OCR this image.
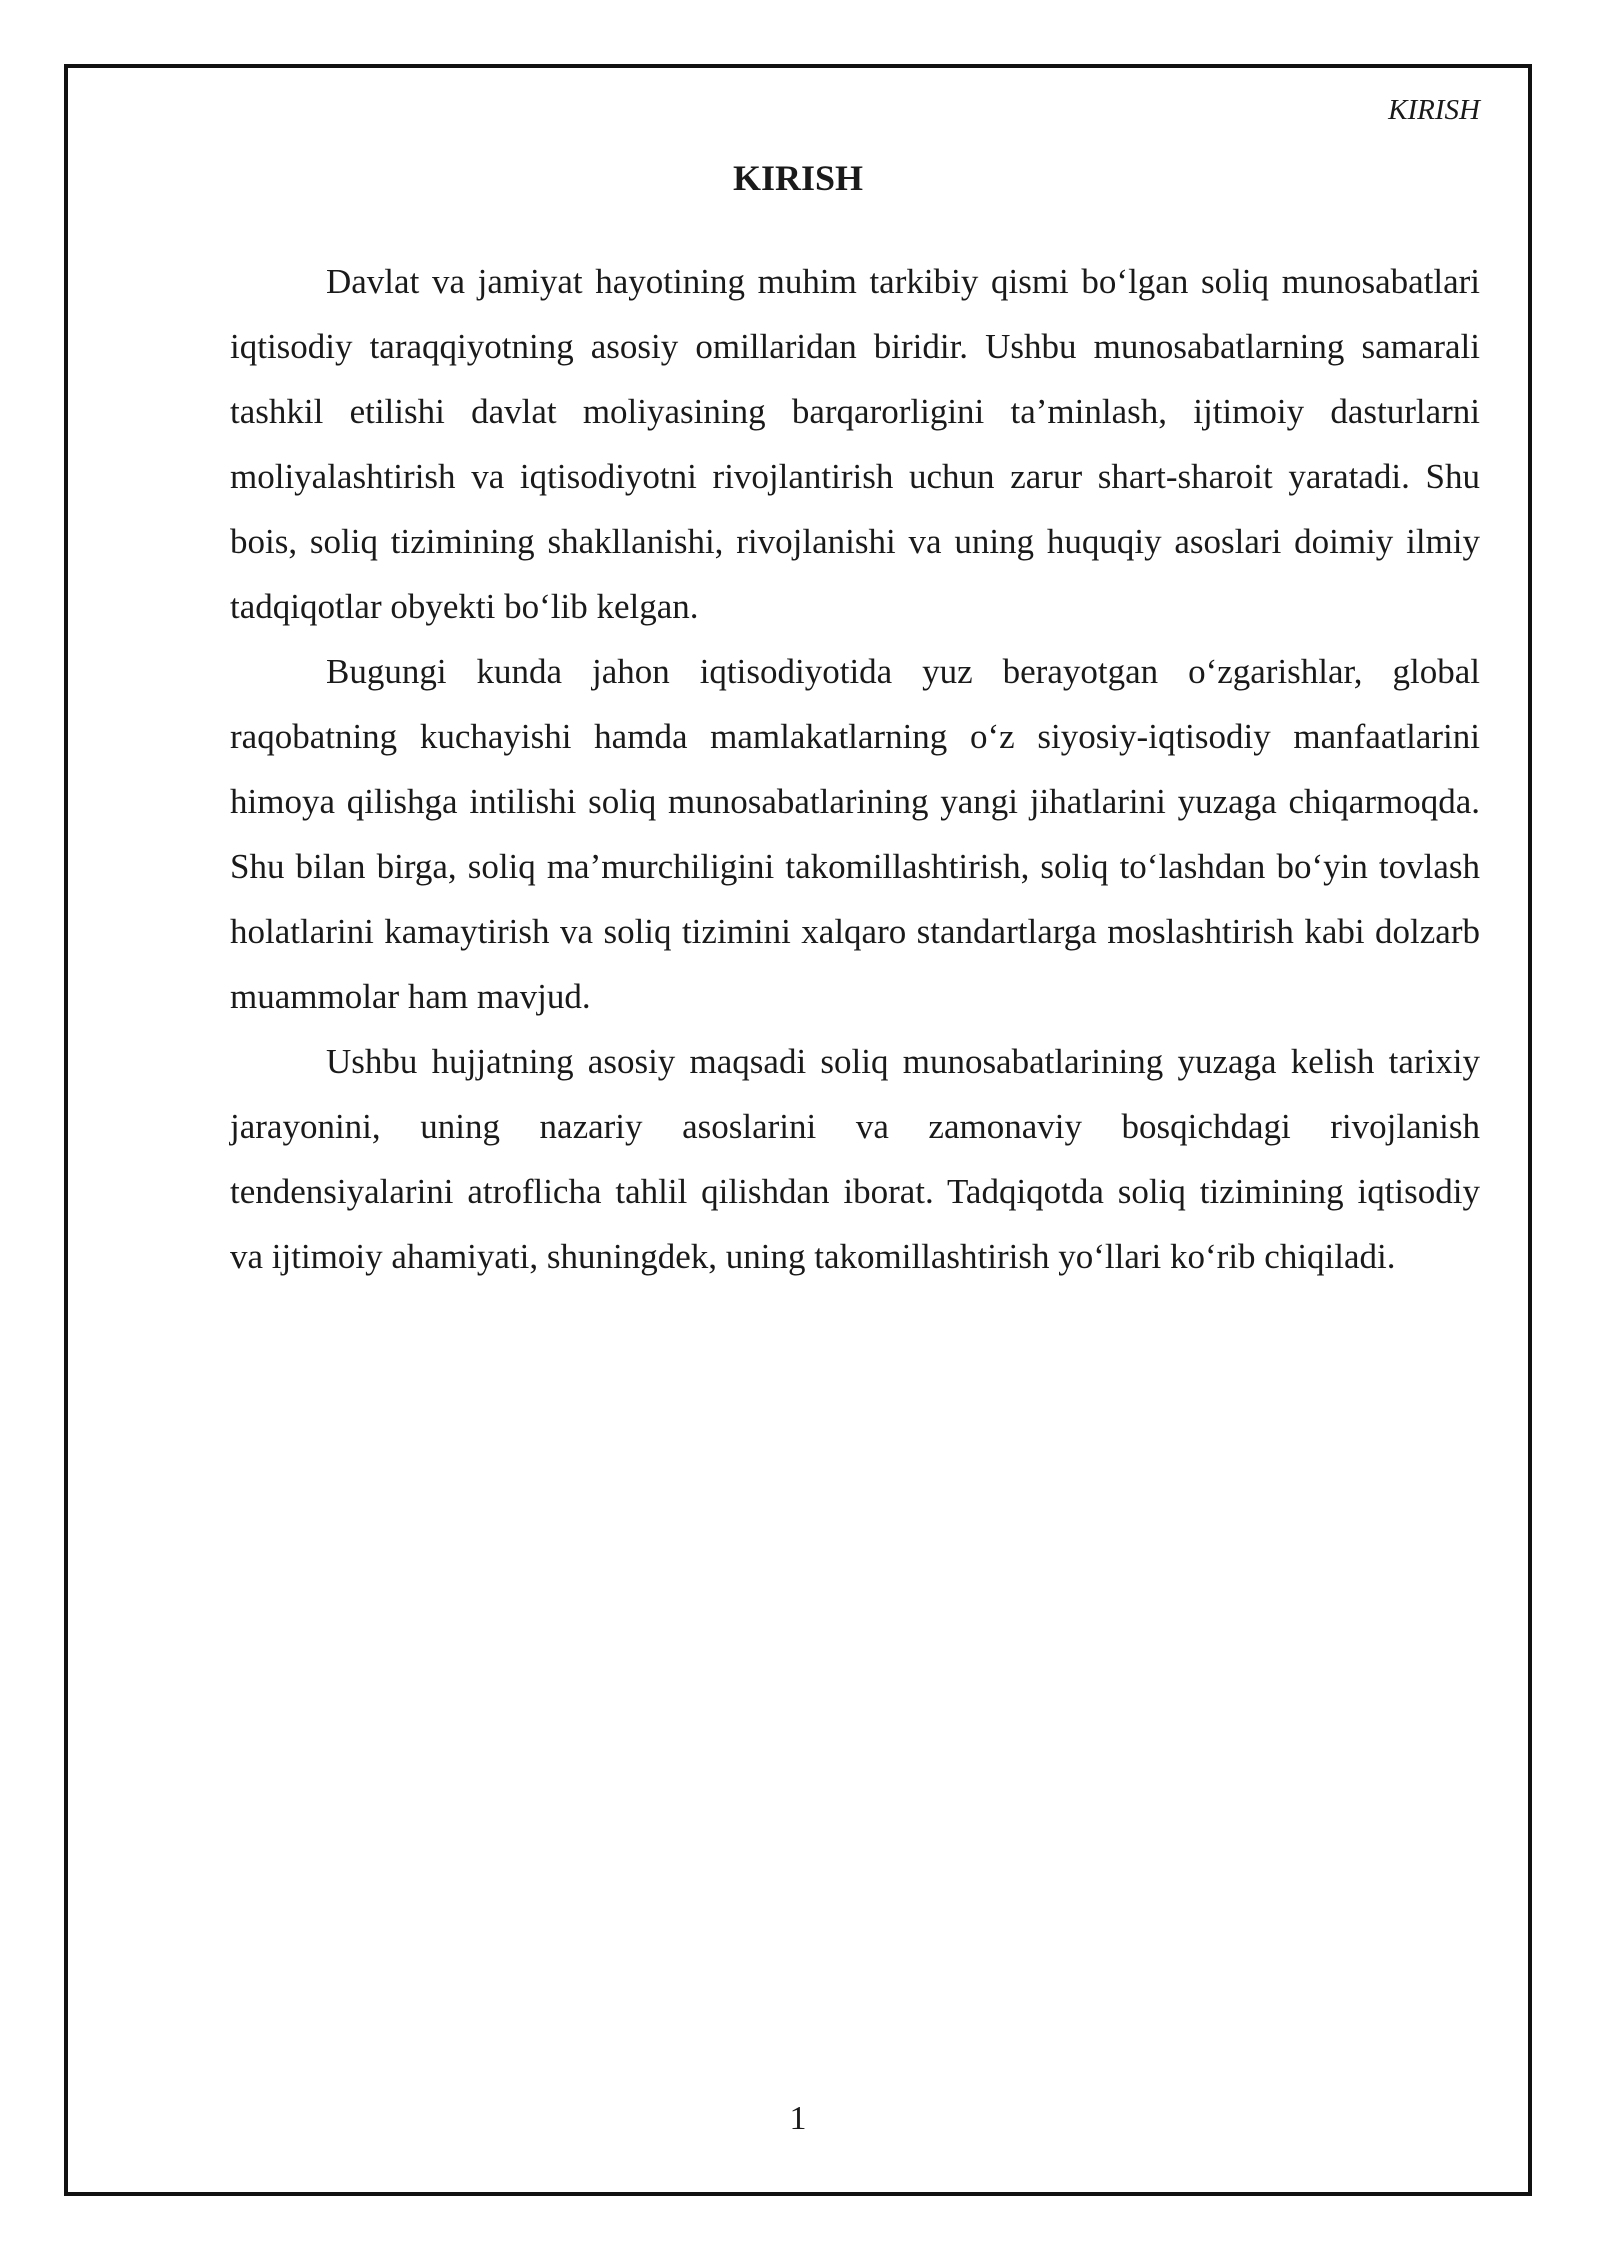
KIRISH
KIRISH

Davlat va jamiyat hayotining muhim tarkibiy qismi bo‘lgan soliq munosabatlari iqtisodiy taraqqiyotning asosiy omillaridan biridir. Ushbu munosabatlarning samarali tashkil etilishi davlat moliyasining barqarorligini ta’minlash, ijtimoiy dasturlarni moliyalashtirish va iqtisodiyotni rivojlantirish uchun zarur shart-sharoit yaratadi. Shu bois, soliq tizimining shakllanishi, rivojlanishi va uning huquqiy asoslari doimiy ilmiy tadqiqotlar obyekti bo‘lib kelgan.

Bugungi kunda jahon iqtisodiyotida yuz berayotgan o‘zgarishlar, global raqobatning kuchayishi hamda mamlakatlarning o‘z siyosiy-iqtisodiy manfaatlarini himoya qilishga intilishi soliq munosabatlarining yangi jihatlarini yuzaga chiqarmoqda. Shu bilan birga, soliq ma’murchiligini takomillashtirish, soliq to‘lashdan bo‘yin tovlash holatlarini kamaytirish va soliq tizimini xalqaro standartlarga moslashtirish kabi dolzarb muammolar ham mavjud.

Ushbu hujjatning asosiy maqsadi soliq munosabatlarining yuzaga kelish tarixiy jarayonini, uning nazariy asoslarini va zamonaviy bosqichdagi rivojlanish tendensiyalarini atroflicha tahlil qilishdan iborat. Tadqiqotda soliq tizimining iqtisodiy va ijtimoiy ahamiyati, shuningdek, uning takomillashtirish yo‘llari ko‘rib chiqiladi.

1
